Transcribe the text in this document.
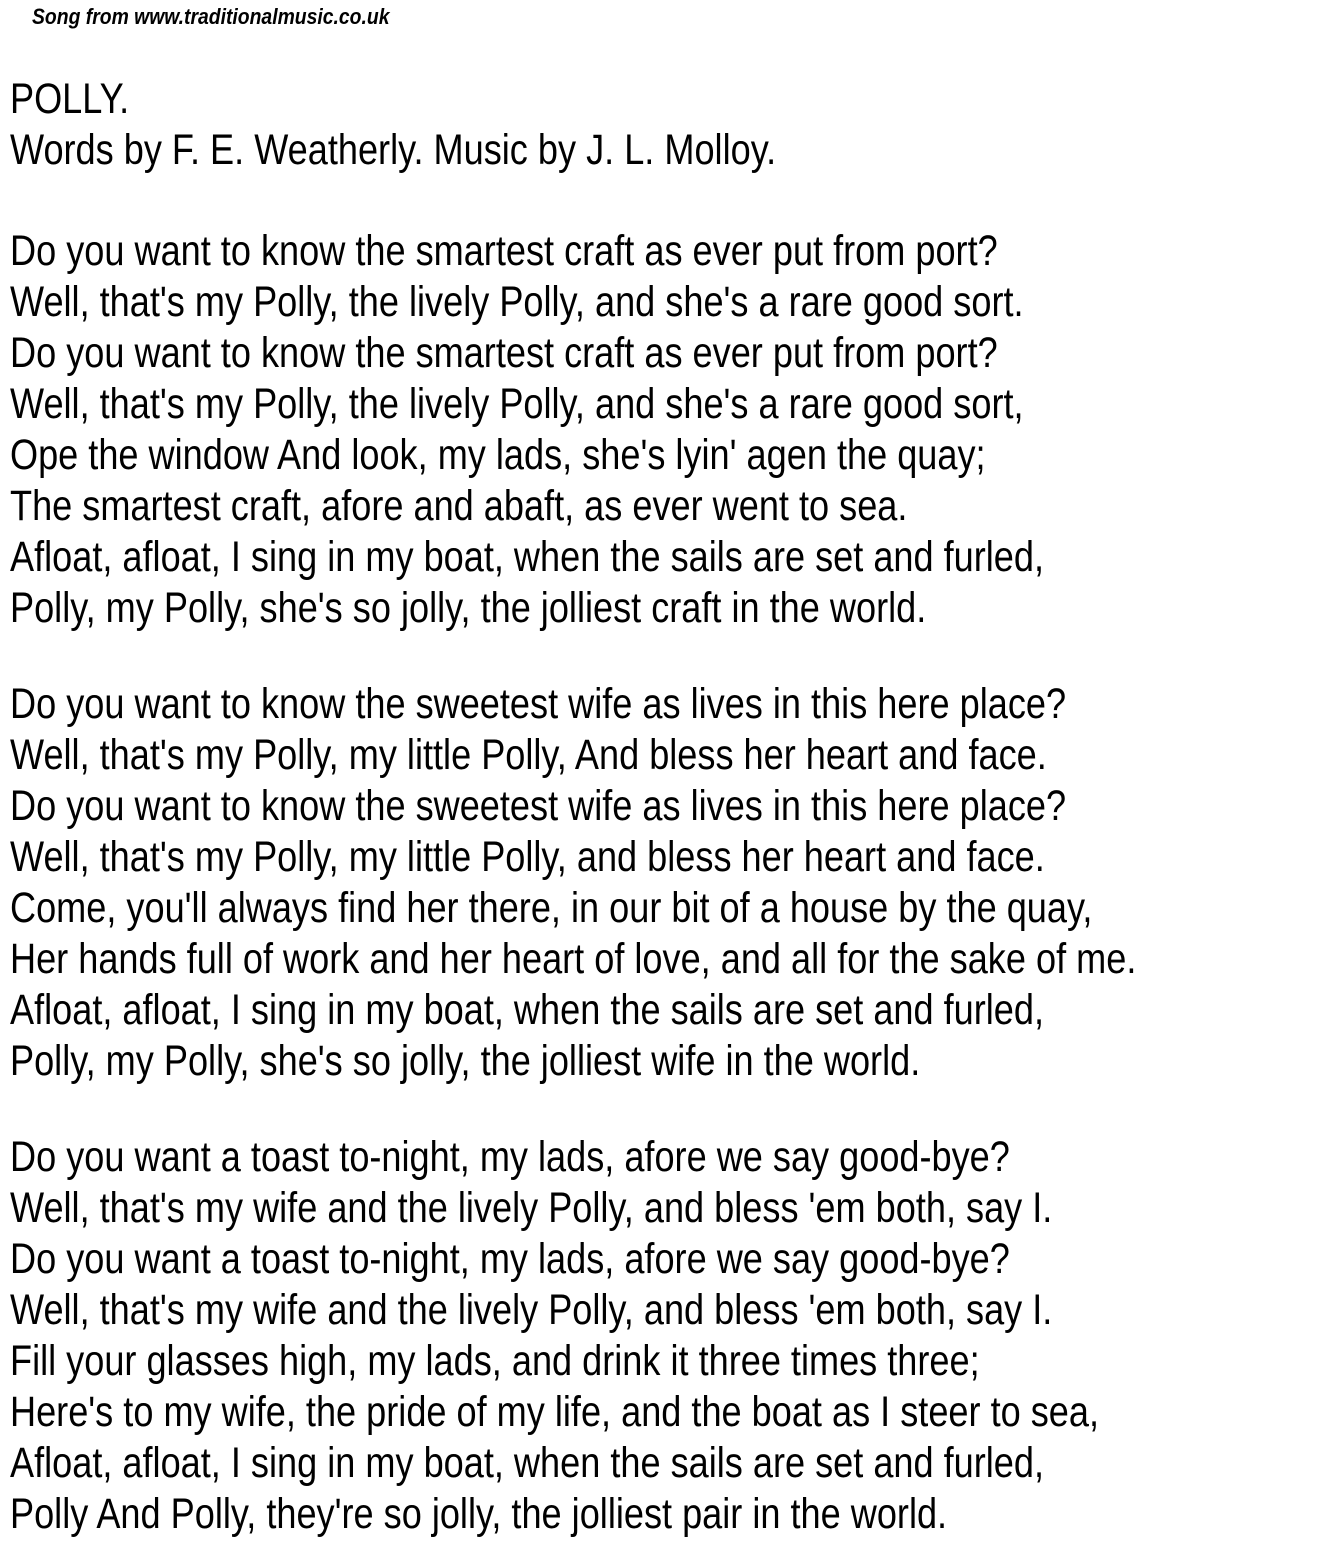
Song from www.traditionalmusic.co.uk
POLLY.
Words by F. E. Weatherly. Music by J. L. Molloy.
Do you want to know the smartest craft as ever put from port?
Well, that's my Polly, the lively Polly, and she's a rare good sort.
Do you want to know the smartest craft as ever put from port?
Well, that's my Polly, the lively Polly, and she's a rare good sort,
Ope the window And look, my lads, she's lyin' agen the quay;
The smartest craft, afore and abaft, as ever went to sea.
Afloat, afloat, I sing in my boat, when the sails are set and furled,
Polly, my Polly, she's so jolly, the jolliest craft in the world.
Do you want to know the sweetest wife as lives in this here place?
Well, that's my Polly, my little Polly, And bless her heart and face.
Do you want to know the sweetest wife as lives in this here place?
Well, that's my Polly, my little Polly, and bless her heart and face.
Come, you'll always find her there, in our bit of a house by the quay,
Her hands full of work and her heart of love, and all for the sake of me.
Afloat, afloat, I sing in my boat, when the sails are set and furled,
Polly, my Polly, she's so jolly, the jolliest wife in the world.
Do you want a toast to-night, my lads, afore we say good-bye?
Well, that's my wife and the lively Polly, and bless 'em both, say I.
Do you want a toast to-night, my lads, afore we say good-bye?
Well, that's my wife and the lively Polly, and bless 'em both, say I.
Fill your glasses high, my lads, and drink it three times three;
Here's to my wife, the pride of my life, and the boat as I steer to sea,
Afloat, afloat, I sing in my boat, when the sails are set and furled,
Polly And Polly, they're so jolly, the jolliest pair in the world.
